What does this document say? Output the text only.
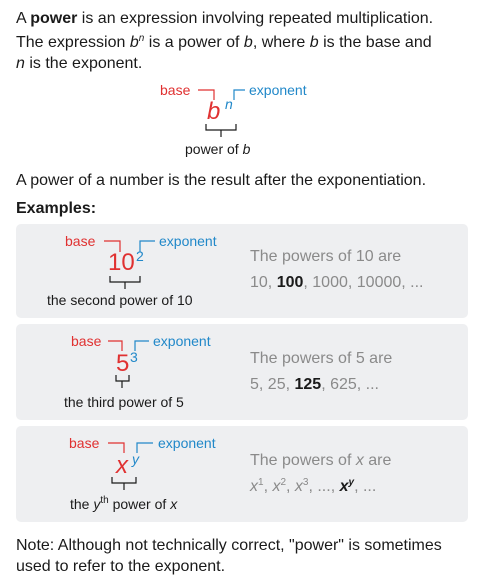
A power is an expression involving repeated multiplication.
The expression $b^n$ is a power of b, where b is the base and
n is the exponent.
base	exponent
b n
power of b
A power of a number is the result after the exponentiation.
Examples:
base	exponent
10 2
the second power of 10
The powers of 10 are
10, 100, 1000, 10000, ...
base	exponent
5 3
the third power of 5
The powers of 5 are
5, 25, 125, 625, ...
base	exponent
x y
the $y^{th}$ power of x
The powers of x are
$x^1$, $x^2$, $x^3$, ..., $x^y$, ...
Note: Although not technically correct, "power" is sometimes
used to refer to the exponent.
